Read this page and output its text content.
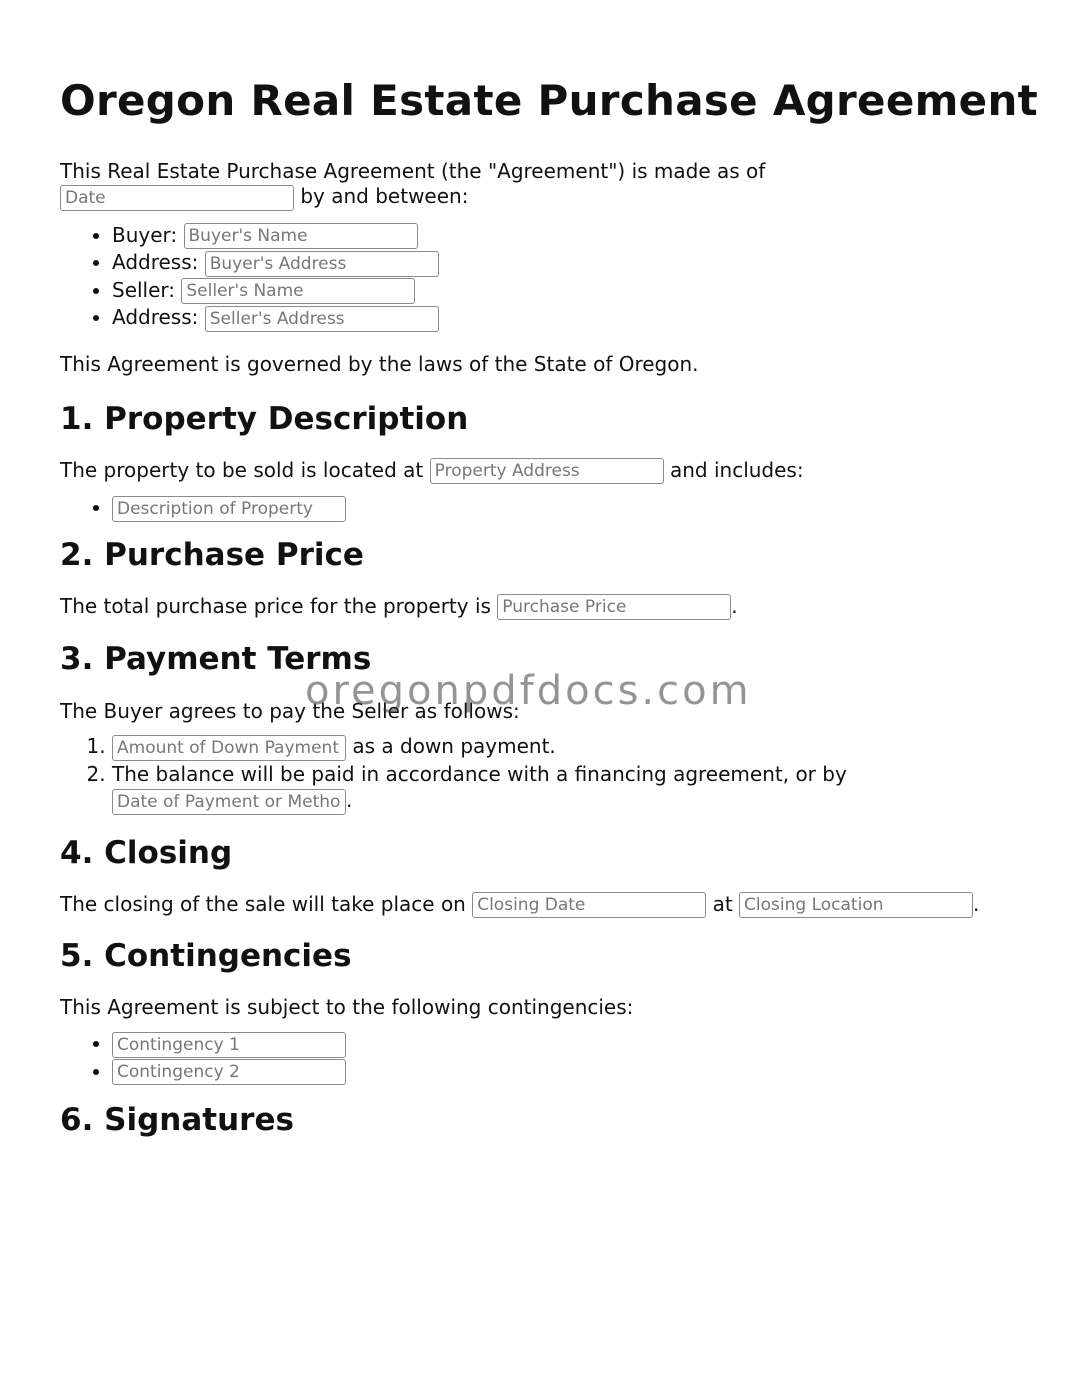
Oregon Real Estate Purchase Agreement

This Real Estate Purchase Agreement (the "Agreement") is made as of
Date by and between:

• Buyer: Buyer's Name
• Address: Buyer's Address
• Seller: Seller's Name
• Address: Seller's Address

This Agreement is governed by the laws of the State of Oregon.

1. Property Description

The property to be sold is located at Property Address	and includes:

• Description of Property
2. Purchase Price

The total purchase price for the property is Purchase Price	.

3. Payment Terms

The Buyer agrees to pay the Seller as follows:

Amount of Down Payment 1. as a down payment.
2. The balance will be paid in accordance with a financing agreement, or by
Date of Payment or Method.
4. Closing

The closing of the sale will take place on Closing Date	at Closing Location	.

5. Contingencies

This Agreement is subject to the following contingencies:

• Contingency 1
• Contingency 2
6. Signatures
oregonpdfdocs.com
